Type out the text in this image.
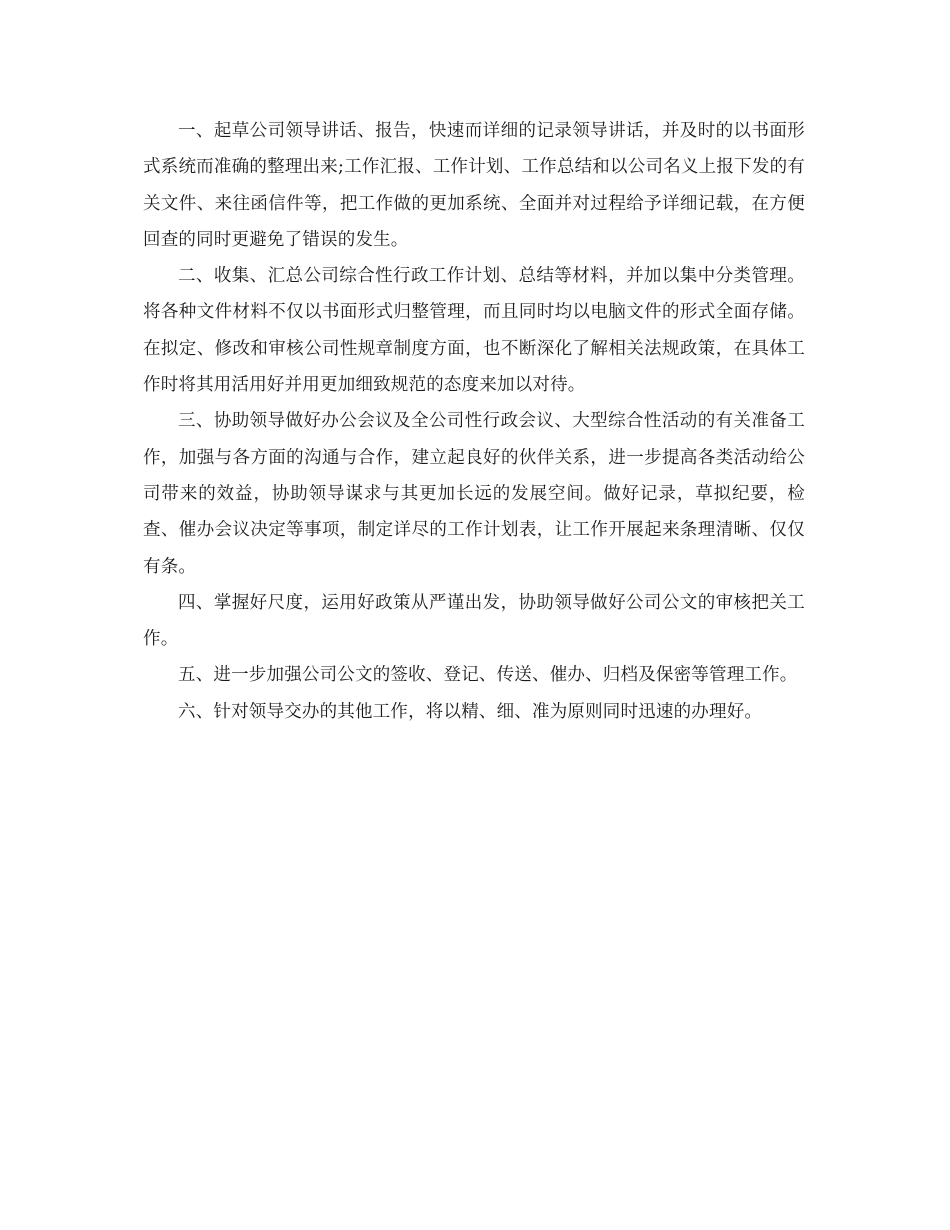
一、起草公司领导讲话、报告，快速而详细的记录领导讲话，并及时的以书面形式系统而准确的整理出来;工作汇报、工作计划、工作总结和以公司名义上报下发的有关文件、来往函信件等，把工作做的更加系统、全面并对过程给予详细记载，在方便回查的同时更避免了错误的发生。

二、收集、汇总公司综合性行政工作计划、总结等材料，并加以集中分类管理。将各种文件材料不仅以书面形式归整管理，而且同时均以电脑文件的形式全面存储。在拟定、修改和审核公司性规章制度方面，也不断深化了解相关法规政策，在具体工作时将其用活用好并用更加细致规范的态度来加以对待。

三、协助领导做好办公会议及全公司性行政会议、大型综合性活动的有关准备工作，加强与各方面的沟通与合作，建立起良好的伙伴关系，进一步提高各类活动给公司带来的效益，协助领导谋求与其更加长远的发展空间。做好记录，草拟纪要，检查、催办会议决定等事项，制定详尽的工作计划表，让工作开展起来条理清晰、仅仅有条。

四、掌握好尺度，运用好政策从严谨出发，协助领导做好公司公文的审核把关工作。

五、进一步加强公司公文的签收、登记、传送、催办、归档及保密等管理工作。

六、针对领导交办的其他工作，将以精、细、准为原则同时迅速的办理好。
